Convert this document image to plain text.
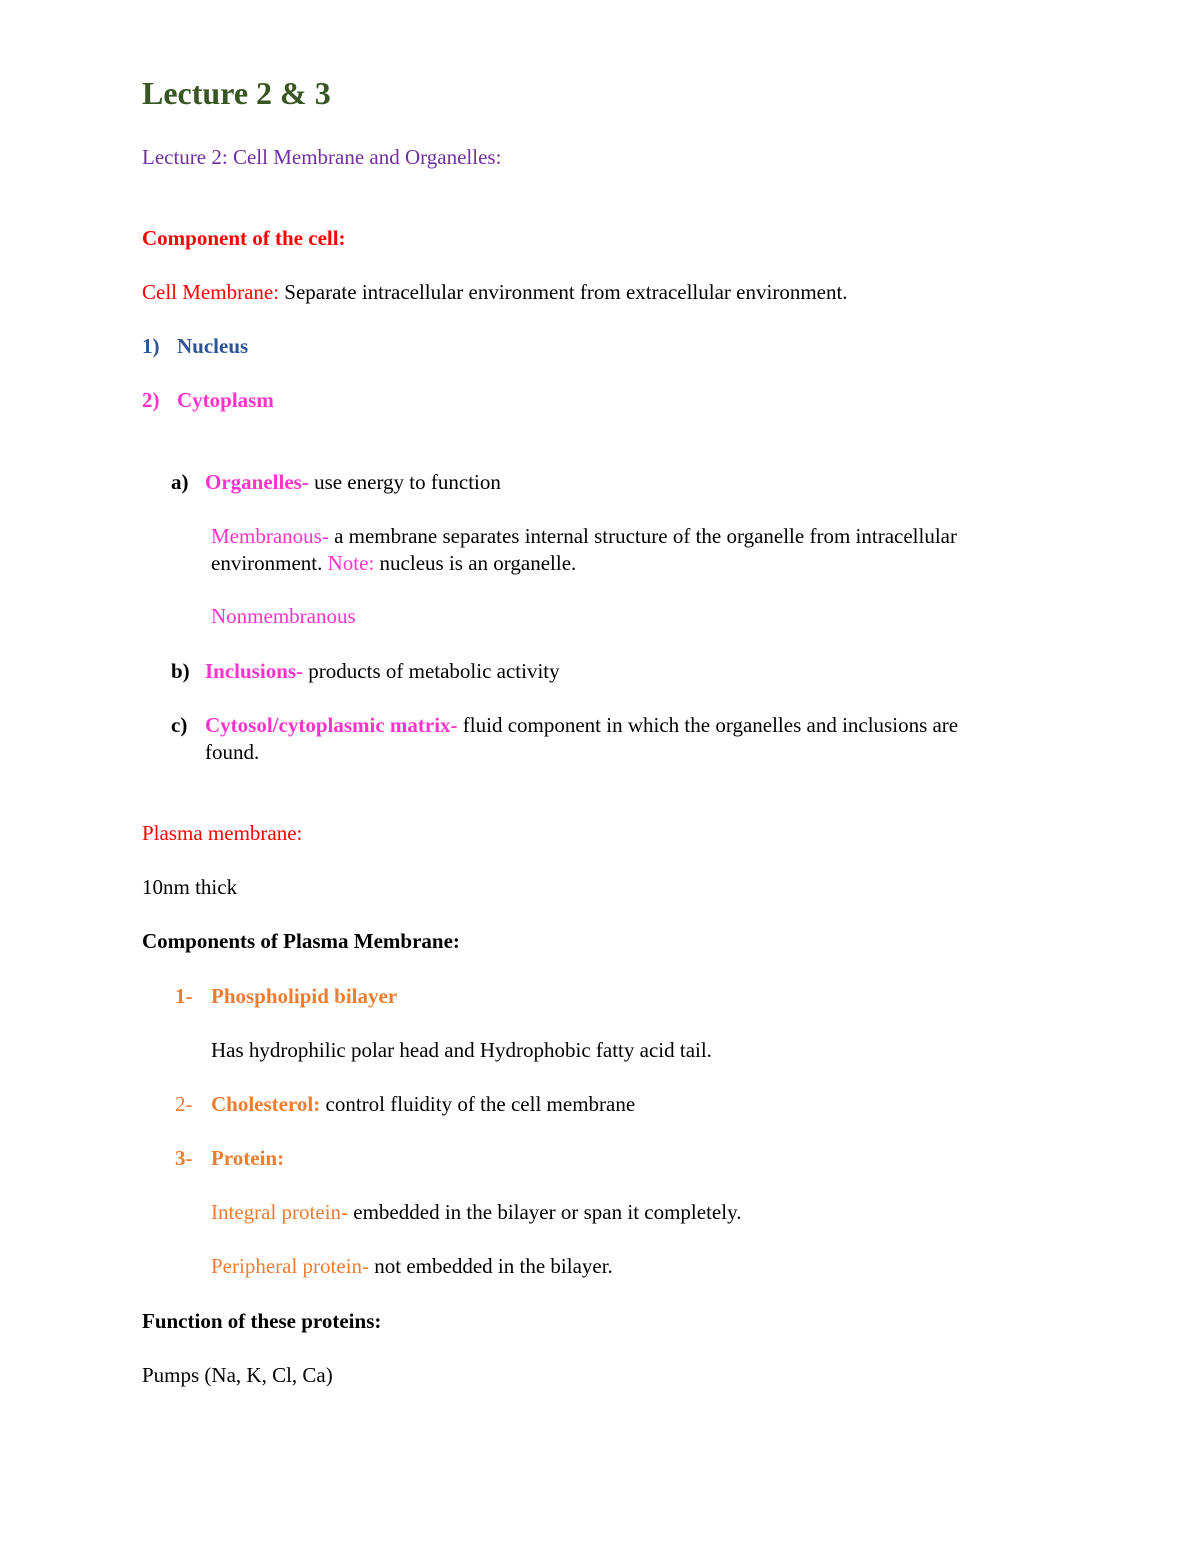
Lecture 2 & 3
Lecture 2: Cell Membrane and Organelles:
Component of the cell:
Cell Membrane: Separate intracellular environment from extracellular environment.
1) Nucleus
2) Cytoplasm
a) Organelles- use energy to function
Membranous- a membrane separates internal structure of the organelle from intracellular
environment. Note: nucleus is an organelle.
Nonmembranous
b) Inclusions- products of metabolic activity
c) Cytosol/cytoplasmic matrix- fluid component in which the organelles and inclusions are
found.
Plasma membrane:
10nm thick
Components of Plasma Membrane:
1- Phospholipid bilayer
Has hydrophilic polar head and Hydrophobic fatty acid tail.
2- Cholesterol: control fluidity of the cell membrane
3- Protein:
Integral protein- embedded in the bilayer or span it completely.
Peripheral protein- not embedded in the bilayer.
Function of these proteins:
Pumps (Na, K, Cl, Ca)
